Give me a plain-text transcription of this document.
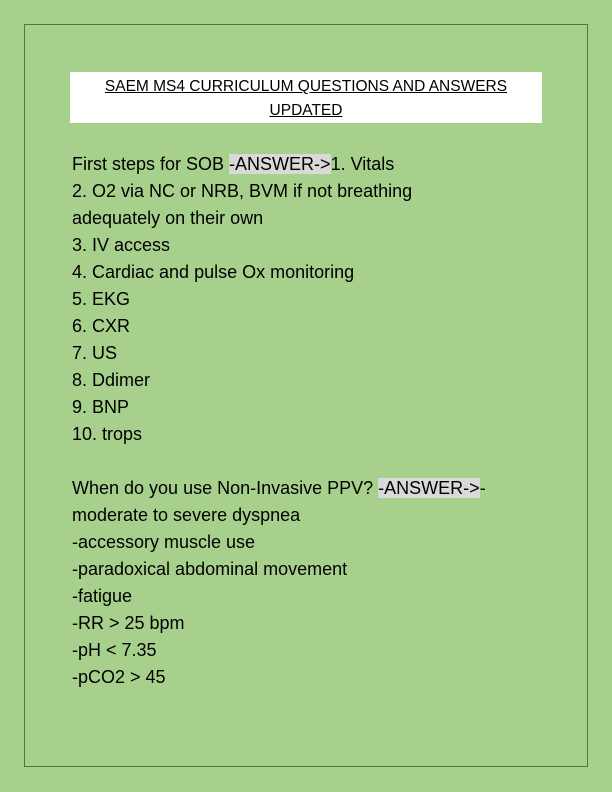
SAEM MS4 CURRICULUM QUESTIONS AND ANSWERS
UPDATED
First steps for SOB -ANSWER->1. Vitals
2. O2 via NC or NRB, BVM if not breathing
adequately on their own
3. IV access
4. Cardiac and pulse Ox monitoring
5. EKG
6. CXR
7. US
8. Ddimer
9. BNP
10. trops
When do you use Non-Invasive PPV? -ANSWER->-
moderate to severe dyspnea
-accessory muscle use
-paradoxical abdominal movement
-fatigue
-RR > 25 bpm
-pH < 7.35
-pCO2 > 45
